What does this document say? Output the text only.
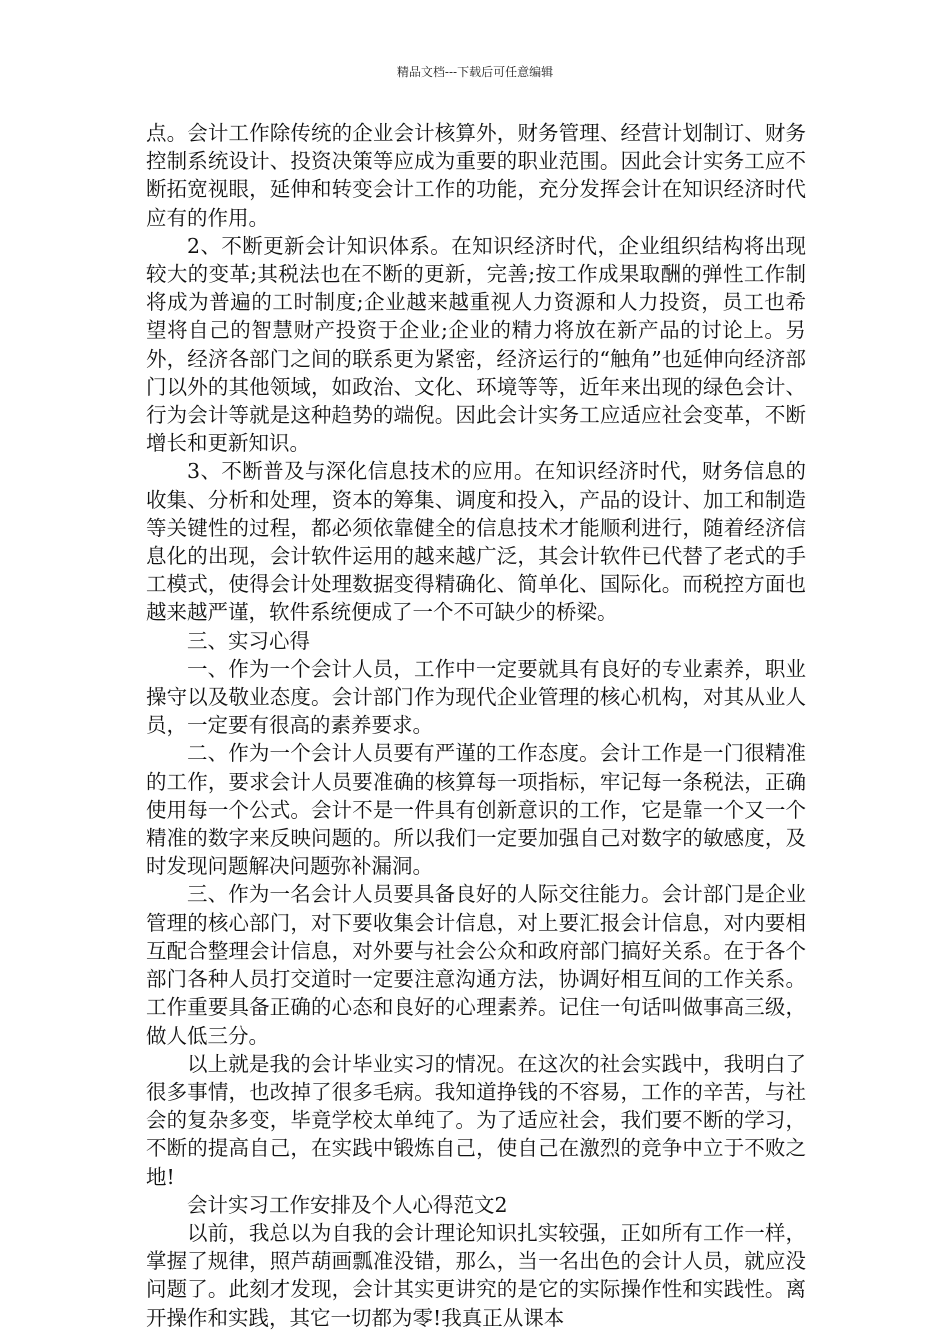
精品文档---下载后可任意编辑

点。会计工作除传统的企业会计核算外，财务管理、经营计划制订、财务控制系统设计、投资决策等应成为重要的职业范围。因此会计实务工应不断拓宽视眼，延伸和转变会计工作的功能，充分发挥会计在知识经济时代应有的作用。

2、不断更新会计知识体系。在知识经济时代，企业组织结构将出现较大的变革;其税法也在不断的更新，完善;按工作成果取酬的弹性工作制将成为普遍的工时制度;企业越来越重视人力资源和人力投资，员工也希望将自己的智慧财产投资于企业;企业的精力将放在新产品的讨论上。另外，经济各部门之间的联系更为紧密，经济运行的“触角”也延伸向经济部门以外的其他领域，如政治、文化、环境等等，近年来出现的绿色会计、行为会计等就是这种趋势的端倪。因此会计实务工应适应社会变革，不断增长和更新知识。

3、不断普及与深化信息技术的应用。在知识经济时代，财务信息的收集、分析和处理，资本的筹集、调度和投入，产品的设计、加工和制造等关键性的过程，都必须依靠健全的信息技术才能顺利进行，随着经济信息化的出现，会计软件运用的越来越广泛，其会计软件已代替了老式的手工模式，使得会计处理数据变得精确化、简单化、国际化。而税控方面也越来越严谨，软件系统便成了一个不可缺少的桥梁。

三、实习心得

一、作为一个会计人员，工作中一定要就具有良好的专业素养，职业操守以及敬业态度。会计部门作为现代企业管理的核心机构，对其从业人员，一定要有很高的素养要求。

二、作为一个会计人员要有严谨的工作态度。会计工作是一门很精准的工作，要求会计人员要准确的核算每一项指标，牢记每一条税法，正确使用每一个公式。会计不是一件具有创新意识的工作，它是靠一个又一个精准的数字来反映问题的。所以我们一定要加强自己对数字的敏感度，及时发现问题解决问题弥补漏洞。

三、作为一名会计人员要具备良好的人际交往能力。会计部门是企业管理的核心部门，对下要收集会计信息，对上要汇报会计信息，对内要相互配合整理会计信息，对外要与社会公众和政府部门搞好关系。在于各个部门各种人员打交道时一定要注意沟通方法，协调好相互间的工作关系。工作重要具备正确的心态和良好的心理素养。记住一句话叫做事高三级，做人低三分。

以上就是我的会计毕业实习的情况。在这次的社会实践中，我明白了很多事情，也改掉了很多毛病。我知道挣钱的不容易，工作的辛苦，与社会的复杂多变，毕竟学校太单纯了。为了适应社会，我们要不断的学习，不断的提高自己，在实践中锻炼自己，使自己在激烈的竞争中立于不败之地!

会计实习工作安排及个人心得范文2

以前，我总以为自我的会计理论知识扎实较强，正如所有工作一样，掌握了规律，照芦葫画瓢准没错，那么，当一名出色的会计人员，就应没问题了。此刻才发现，会计其实更讲究的是它的实际操作性和实践性。离开操作和实践，其它一切都为零!我真正从课本
